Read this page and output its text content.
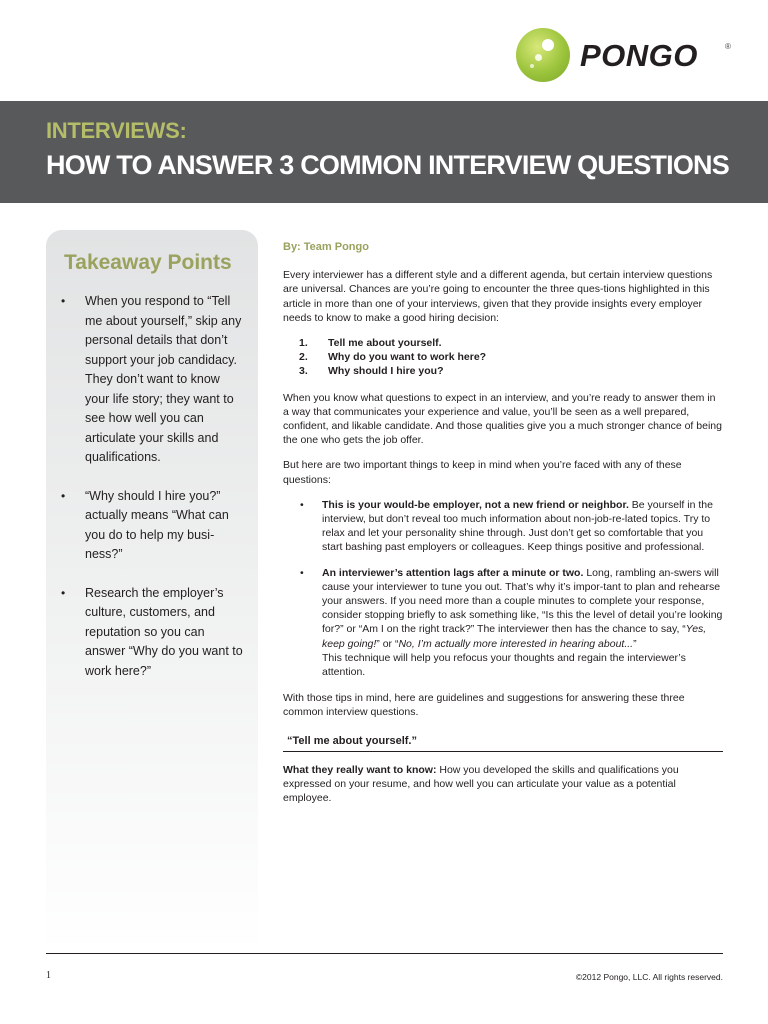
PONGO	®
INTERVIEWS:
HOW TO ANSWER 3 COMMON INTERVIEW QUESTIONS
Takeaway Points
• When you respond to “Tell me about yourself,” skip any personal details that don’t support your job candidacy. They don’t want to know your life story; they want to see how well you can articulate your skills and qualifications.
• “Why should I hire you?” actually means “What can you do to help my busi-ness?”
• Research the employer’s culture, customers, and reputation so you can answer “Why do you want to work here?”
By: Team Pongo

Every interviewer has a different style and a different agenda, but certain interview questions are universal. Chances are you’re going to encounter the three ques-tions highlighted in this article in more than one of your interviews, given that they provide insights every employer needs to know to make a good hiring decision:

1. Tell me about yourself.
2. Why do you want to work here?
3. Why should I hire you?

When you know what questions to expect in an interview, and you’re ready to answer them in a way that communicates your experience and value, you’ll be seen as a well prepared, confident, and likable candidate. And those qualities give you a much stronger chance of being the one who gets the job offer.

But here are two important things to keep in mind when you’re faced with any of these questions:

• This is your would-be employer, not a new friend or neighbor. Be yourself in the interview, but don’t reveal too much information about non-job-re-lated topics. Try to relax and let your personality shine through. Just don’t get so comfortable that you start bashing past employers or colleagues. Keep things positive and professional.
• An interviewer’s attention lags after a minute or two. Long, rambling an-swers will cause your interviewer to tune you out. That’s why it’s impor-tant to plan and rehearse your answers. If you need more than a couple minutes to complete your response, consider stopping briefly to ask something like, “Is this the level of detail you’re looking for?” or “Am I on the right track?” The interviewer then has the chance to say, “Yes, keep going!” or “No, I’m actually more interested in hearing about...”
This technique will help you refocus your thoughts and regain the interviewer’s attention.

With those tips in mind, here are guidelines and suggestions for answering these three common interview questions.

“Tell me about yourself.”

What they really want to know: How you developed the skills and qualifications you expressed on your resume, and how well you can articulate your value as a potential employee.

1	©2012 Pongo, LLC. All rights reserved.
